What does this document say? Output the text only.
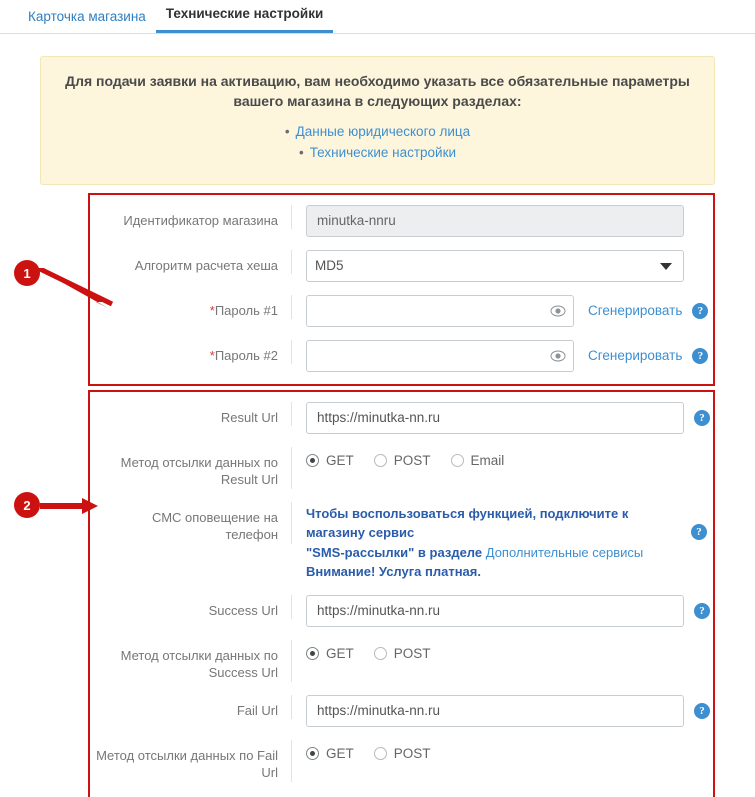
Карточка магазина	Технические настройки
Для подачи заявки на активацию, вам необходимо указать все обязательные параметры вашего магазина в следующих разделах:
• Данные юридического лица
• Технические настройки
1
Идентификатор магазина
minutka-nnru
Алгоритм расчета хеша
MD5
*Пароль #1	Сгенерировать	?
*Пароль #2	Сгенерировать	?
2
Result Url
https://minutka-nn.ru	?
Метод отсылки данных по Result Url
GET	POST	Email
СМС оповещение на телефон
Чтобы воспользоваться функцией, подключите к магазину сервис
"SMS-рассылки" в разделе Дополнительные сервисы
Внимание! Услуга платная.
?
Success Url
https://minutka-nn.ru	?
Метод отсылки данных по Success Url
GET	POST
Fail Url
https://minutka-nn.ru	?
Метод отсылки данных по Fail Url
GET	POST
